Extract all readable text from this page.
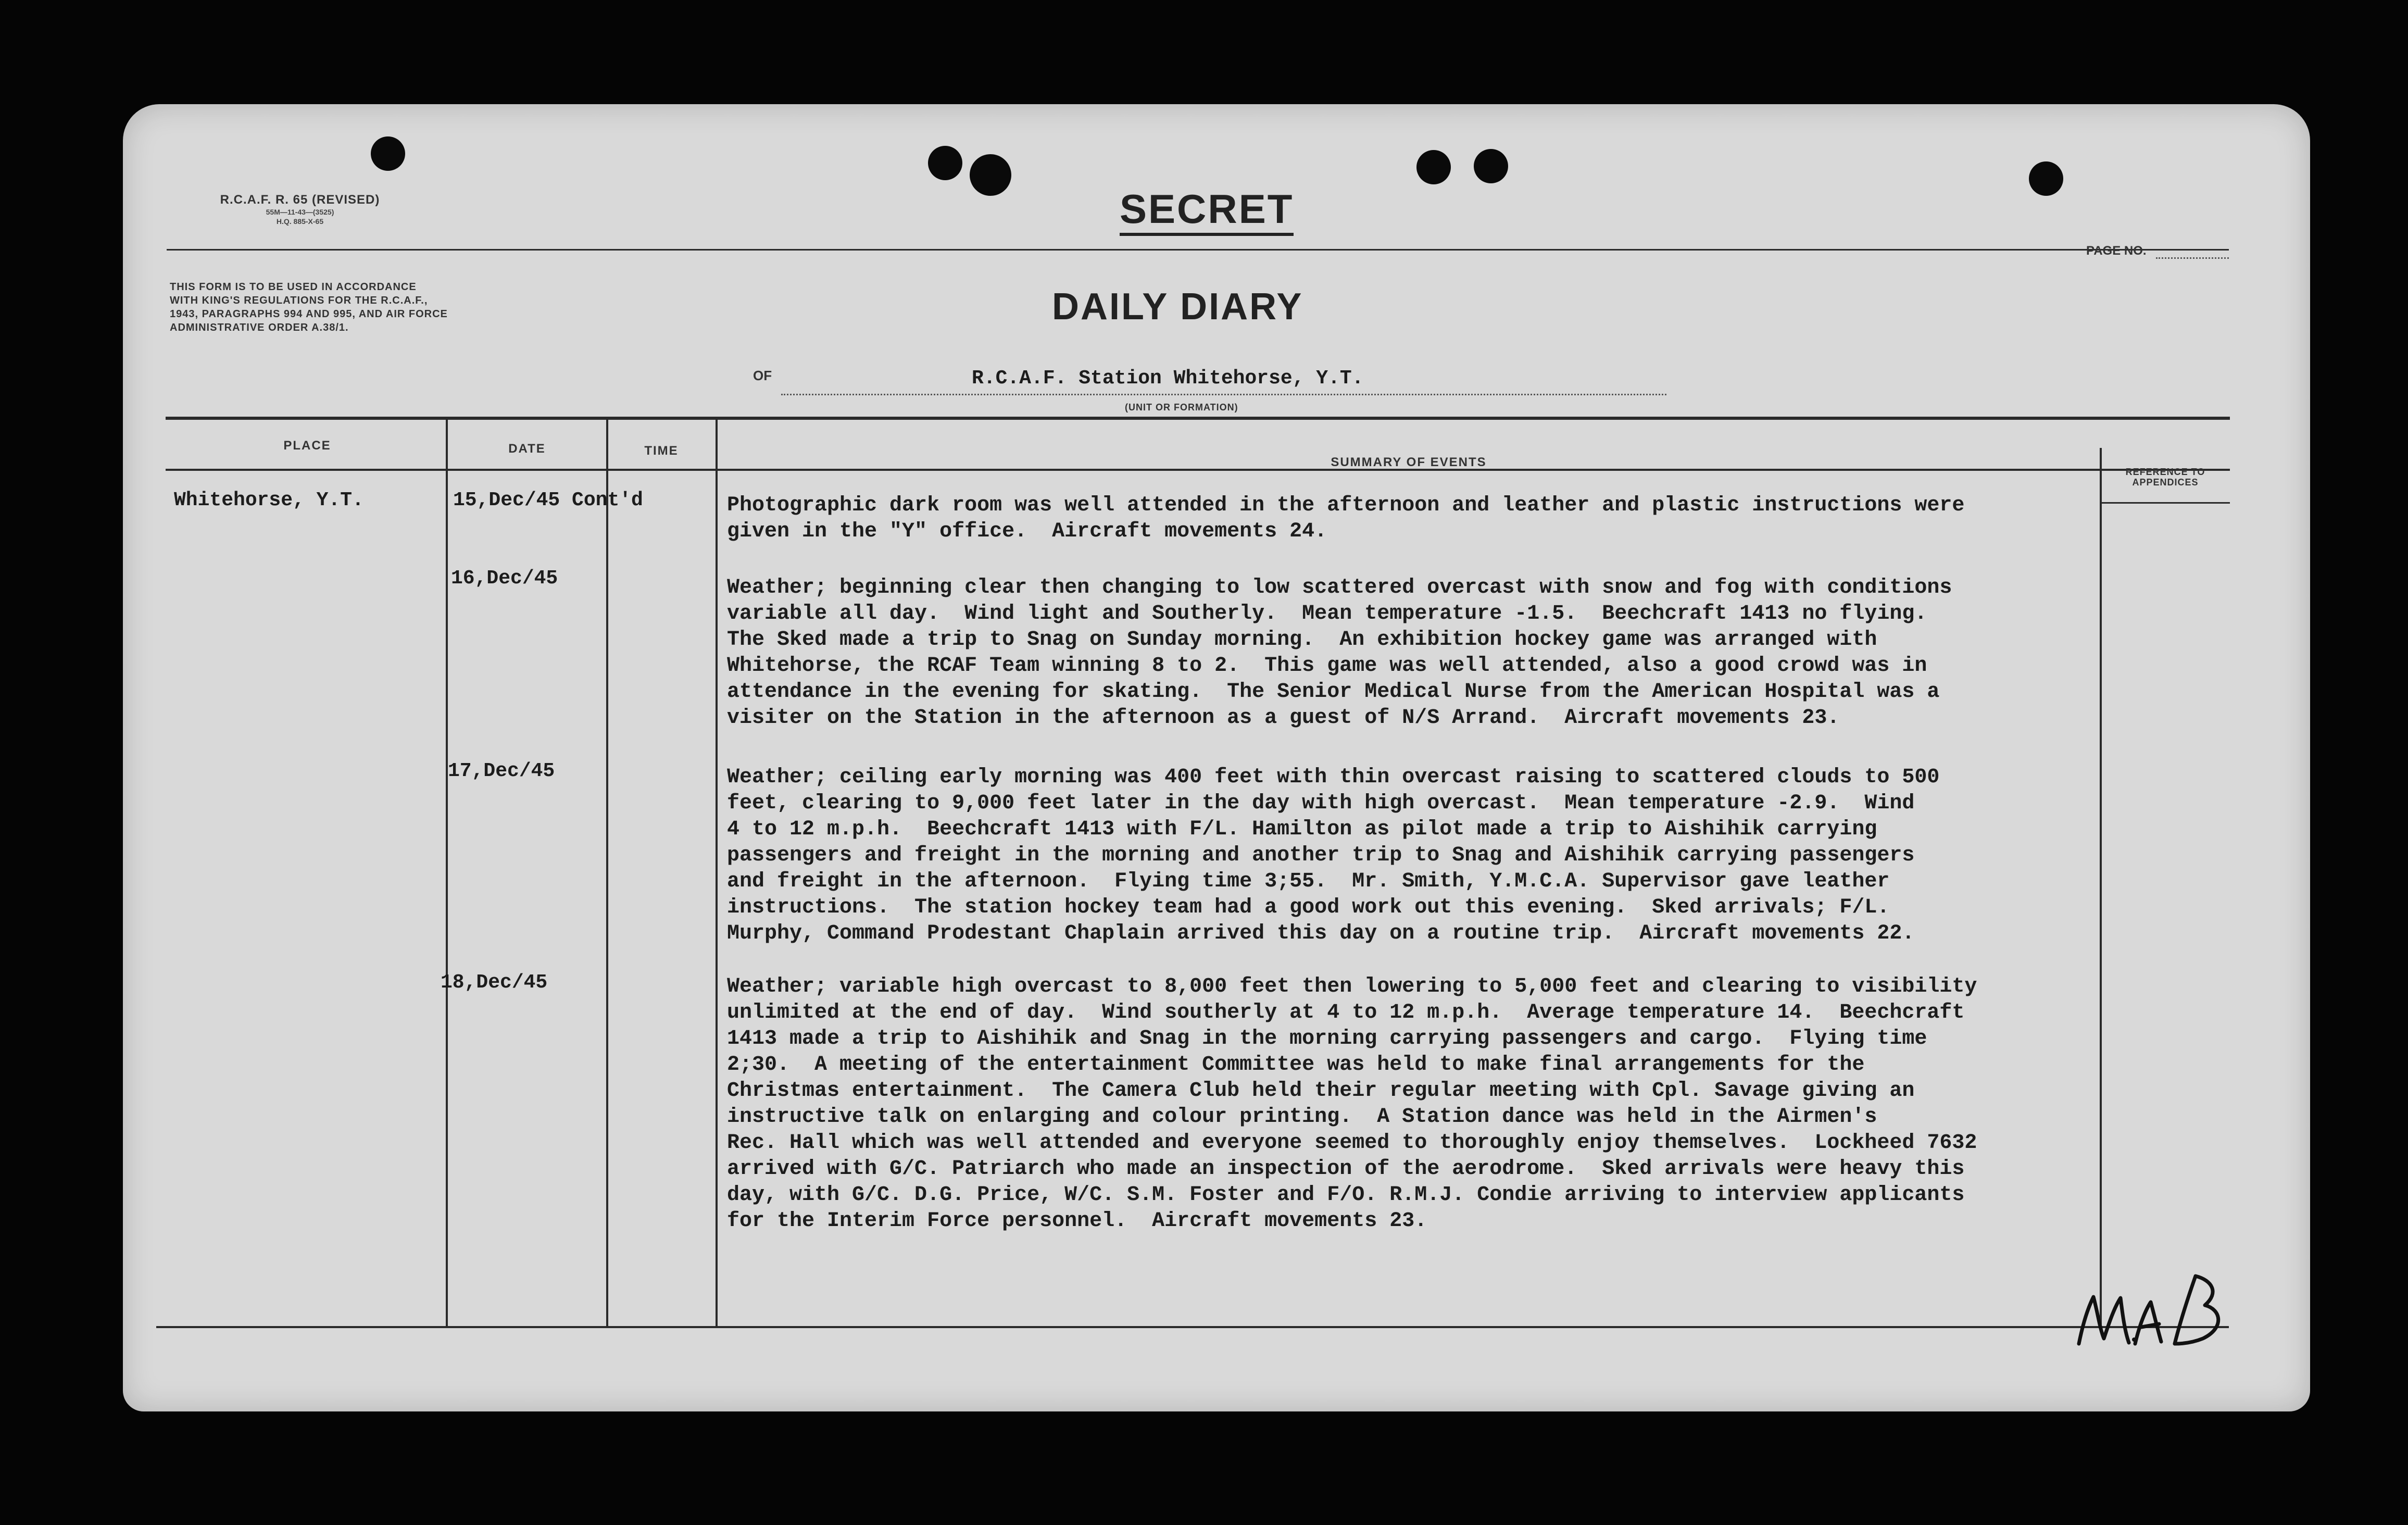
R.C.A.F. R. 65 (REVISED)
55M—11-43—(3525)
H.Q. 885-X-65	SECRET
PAGE NO.
THIS FORM IS TO BE USED IN ACCORDANCE
WITH KING'S REGULATIONS FOR THE R.C.A.F.,
1943, PARAGRAPHS 994 AND 995, AND AIR FORCE
ADMINISTRATIVE ORDER A.38/1.	DAILY DIARY
OF	R.C.A.F. Station Whitehorse, Y.T.
(UNIT OR FORMATION)
PLACE	DATE	TIME
SUMMARY OF EVENTS
REFERENCE TO APPENDICES
Whitehorse, Y.T.	15,Dec/45 Cont'd	Photographic dark room was well attended in the afternoon and leather and plastic instructions were
given in the "Y" office.  Aircraft movements 24.
16,Dec/45	Weather; beginning clear then changing to low scattered overcast with snow and fog with conditions
variable all day.  Wind light and Southerly.  Mean temperature -1.5.  Beechcraft 1413 no flying.
The Sked made a trip to Snag on Sunday morning.  An exhibition hockey game was arranged with
Whitehorse, the RCAF Team winning 8 to 2.  This game was well attended, also a good crowd was in
attendance in the evening for skating.  The Senior Medical Nurse from the American Hospital was a
visiter on the Station in the afternoon as a guest of N/S Arrand.  Aircraft movements 23.
17,Dec/45	Weather; ceiling early morning was 400 feet with thin overcast raising to scattered clouds to 500
feet, clearing to 9,000 feet later in the day with high overcast.  Mean temperature -2.9.  Wind
4 to 12 m.p.h.  Beechcraft 1413 with F/L. Hamilton as pilot made a trip to Aishihik carrying
passengers and freight in the morning and another trip to Snag and Aishihik carrying passengers
and freight in the afternoon.  Flying time 3;55.  Mr. Smith, Y.M.C.A. Supervisor gave leather
instructions.  The station hockey team had a good work out this evening.  Sked arrivals; F/L.
Murphy, Command Prodestant Chaplain arrived this day on a routine trip.  Aircraft movements 22.
18,Dec/45	Weather; variable high overcast to 8,000 feet then lowering to 5,000 feet and clearing to visibility
unlimited at the end of day.  Wind southerly at 4 to 12 m.p.h.  Average temperature 14.  Beechcraft
1413 made a trip to Aishihik and Snag in the morning carrying passengers and cargo.  Flying time
2;30.  A meeting of the entertainment Committee was held to make final arrangements for the
Christmas entertainment.  The Camera Club held their regular meeting with Cpl. Savage giving an
instructive talk on enlarging and colour printing.  A Station dance was held in the Airmen's
Rec. Hall which was well attended and everyone seemed to thoroughly enjoy themselves.  Lockheed 7632
arrived with G/C. Patriarch who made an inspection of the aerodrome.  Sked arrivals were heavy this
day, with G/C. D.G. Price, W/C. S.M. Foster and F/O. R.M.J. Condie arriving to interview applicants
for the Interim Force personnel.  Aircraft movements 23.
